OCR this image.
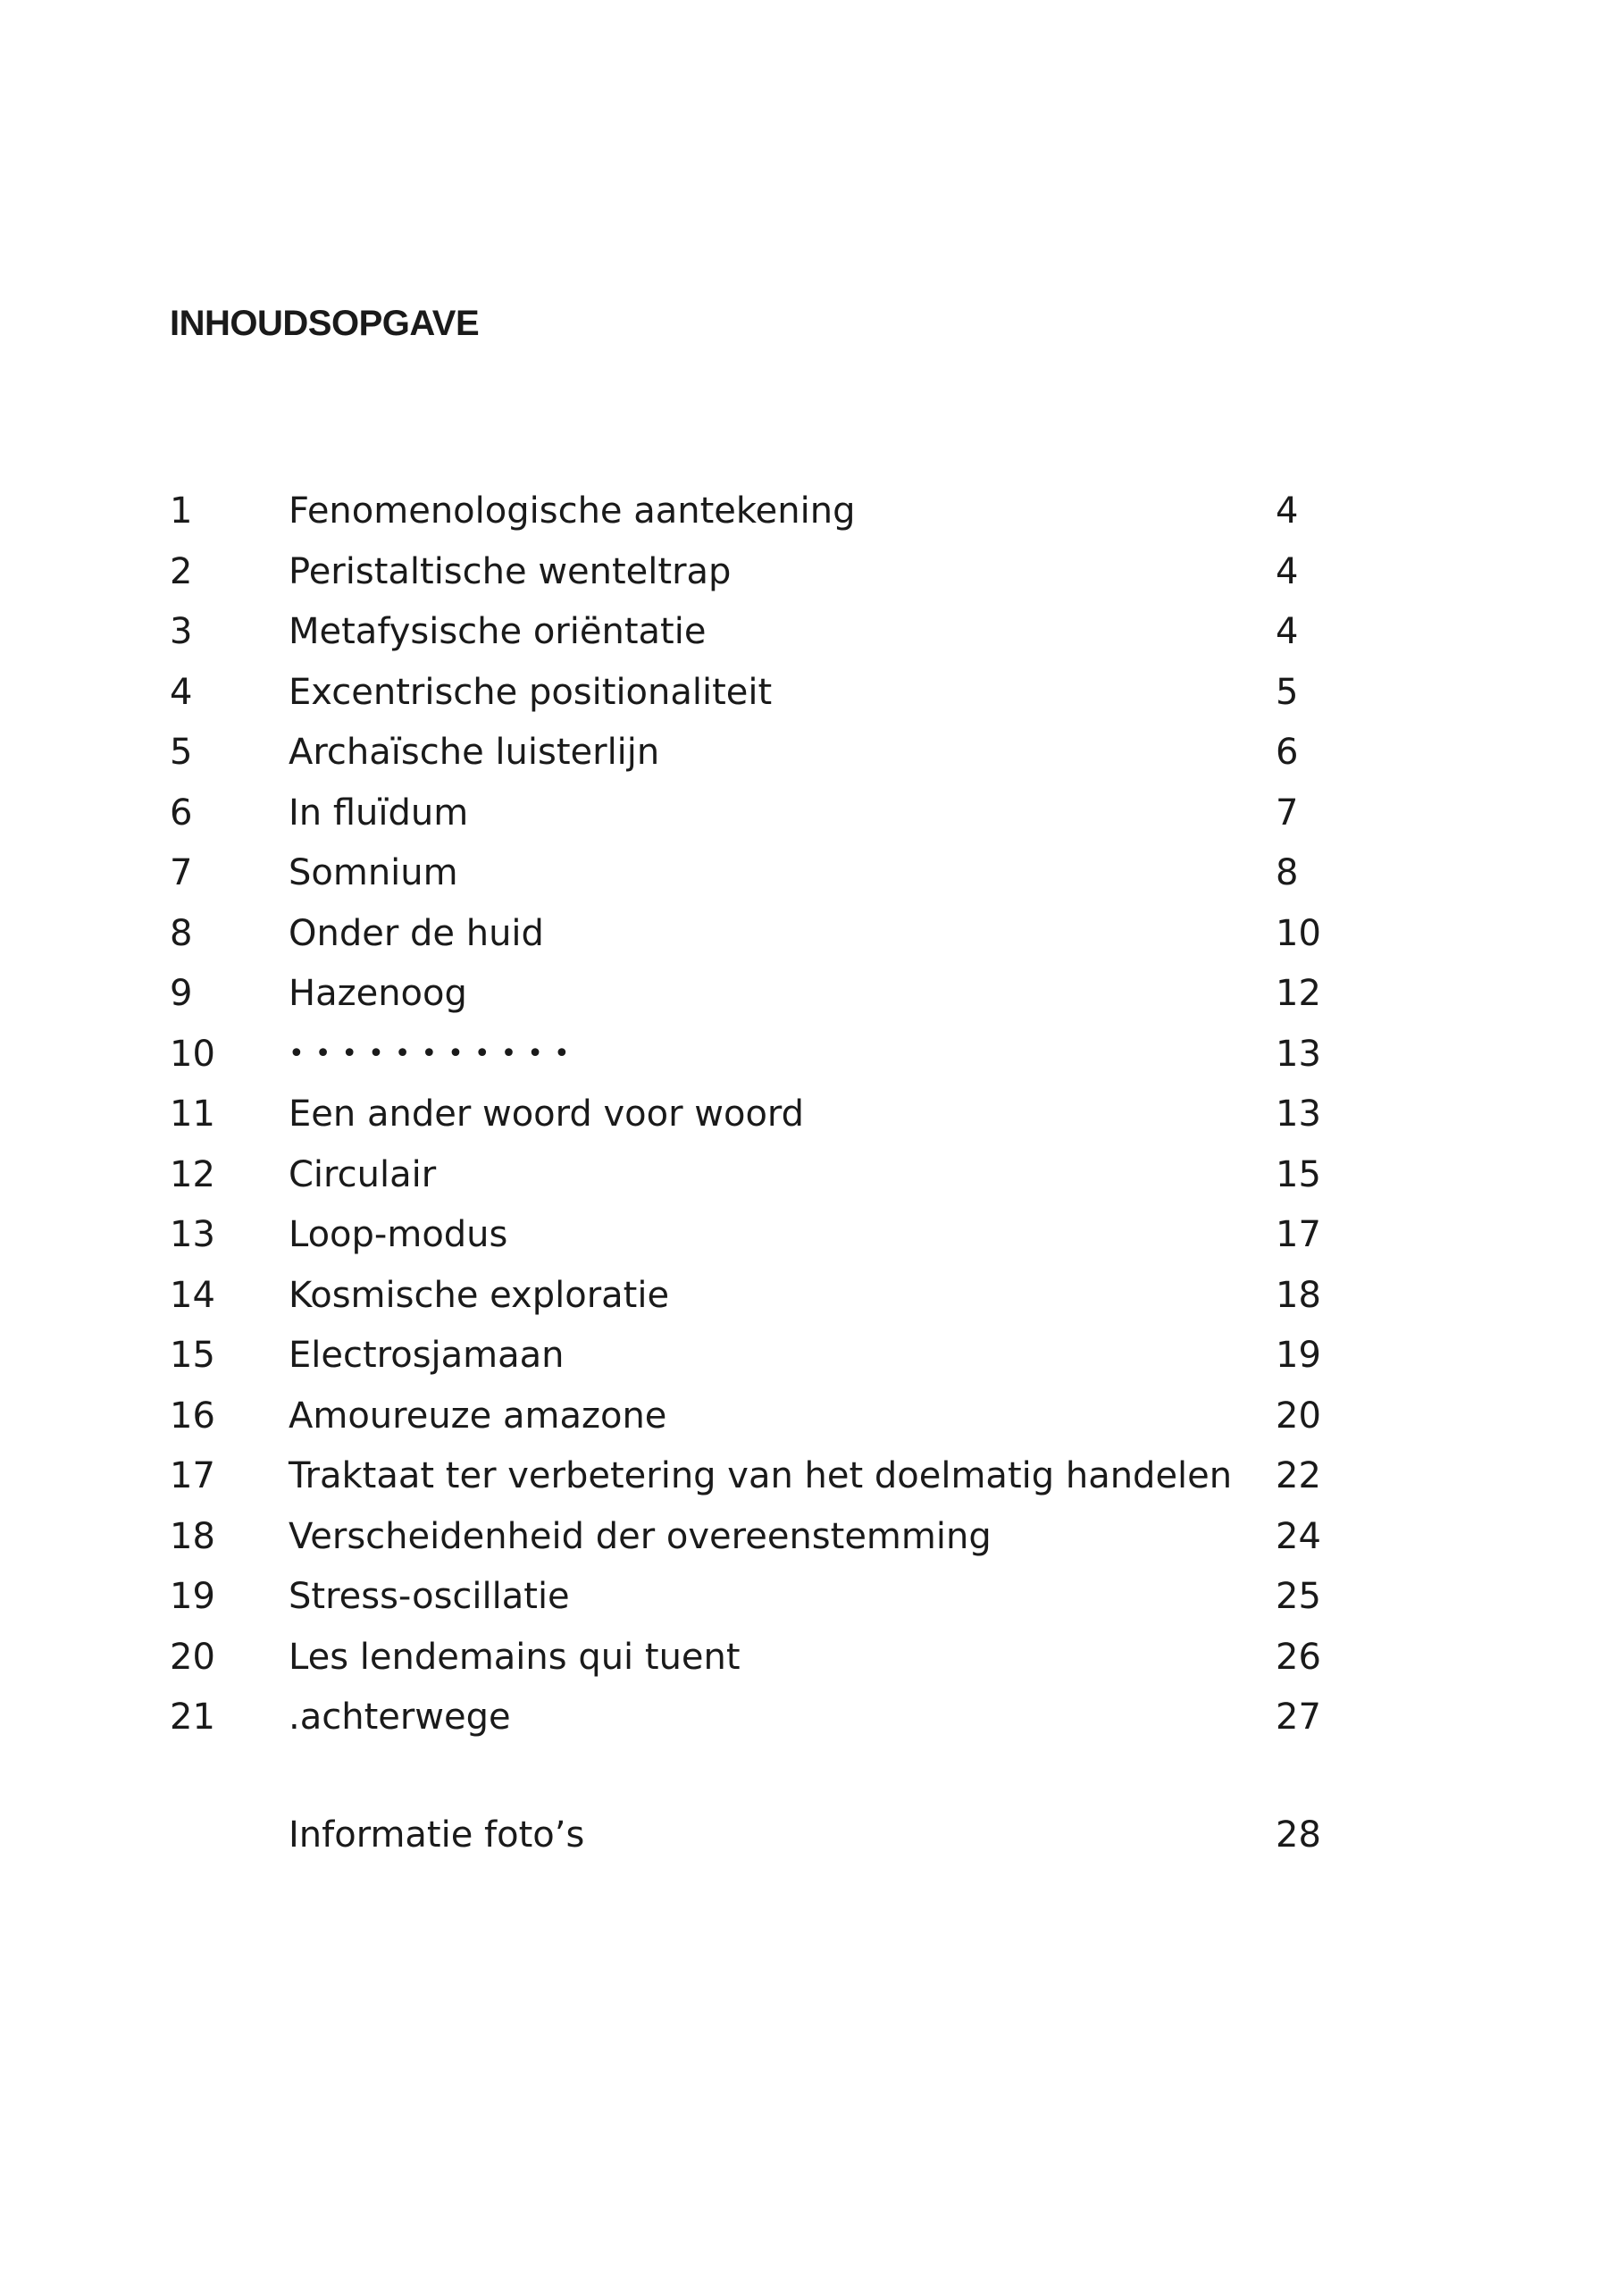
INHOUDSOPGAVE
1	Fenomenologische aantekening	4
2	Peristaltische wenteltrap	4
3	Metafysische oriëntatie	4
4	Excentrische positionaliteit	5
5	Archaïsche luisterlijn	6
6	In fluïdum	7
7	Somnium	8
8	Onder de huid	10
9	Hazenoog	12
10	•••••••••••	13
11 Een ander woord voor woord	13
12 Circulair	15
13 Loop-modus	17
14 Kosmische exploratie	18
15 Electrosjamaan	19
16 Amoureuze amazone	20
17 Traktaat ter verbetering van het doelmatig handelen 22
18 Verscheidenheid der overeenstemming	24
19 Stress-oscillatie	25
20 Les lendemains qui tuent	26
21 .achterwege	27
Informatie foto’s	28
